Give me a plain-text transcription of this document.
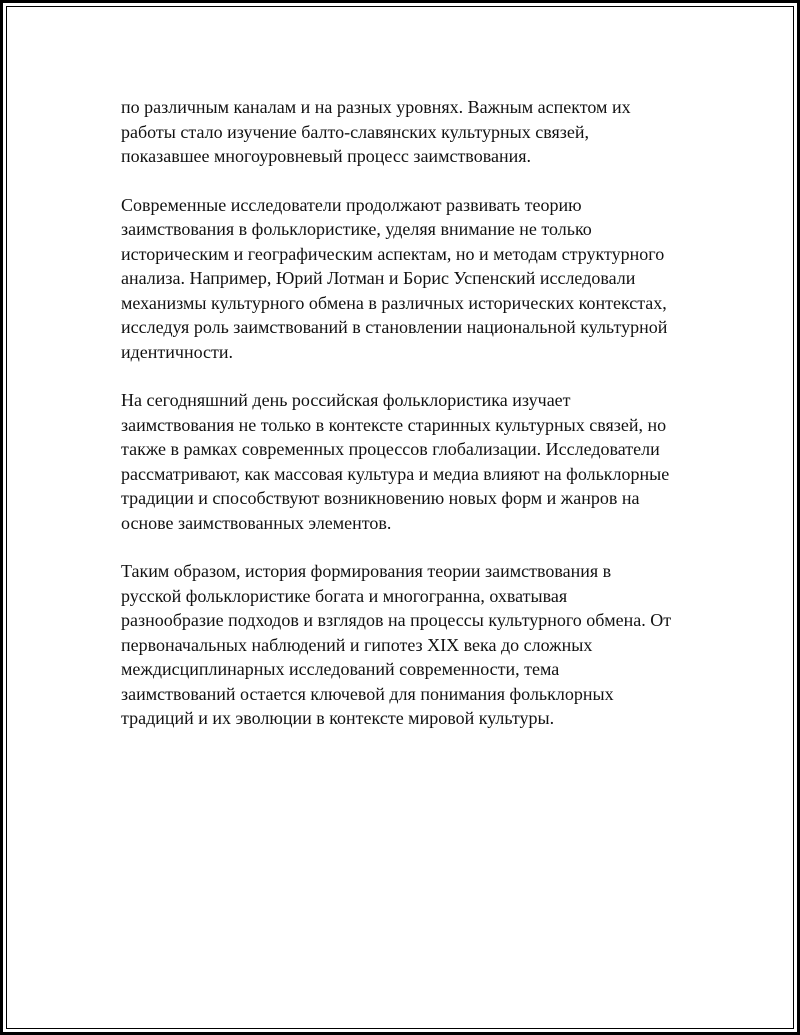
по различным каналам и на разных уровнях. Важным аспектом их
работы стало изучение балто-славянских культурных связей,
показавшее многоуровневый процесс заимствования.

Современные исследователи продолжают развивать теорию
заимствования в фольклористике, уделяя внимание не только
историческим и географическим аспектам, но и методам структурного
анализа. Например, Юрий Лотман и Борис Успенский исследовали
механизмы культурного обмена в различных исторических контекстах,
исследуя роль заимствований в становлении национальной культурной
идентичности.

На сегодняшний день российская фольклористика изучает
заимствования не только в контексте старинных культурных связей, но
также в рамках современных процессов глобализации. Исследователи
рассматривают, как массовая культура и медиа влияют на фольклорные
традиции и способствуют возникновению новых форм и жанров на
основе заимствованных элементов.

Таким образом, история формирования теории заимствования в
русской фольклористике богата и многогранна, охватывая
разнообразие подходов и взглядов на процессы культурного обмена. От
первоначальных наблюдений и гипотез XIX века до сложных
междисциплинарных исследований современности, тема
заимствований остается ключевой для понимания фольклорных
традиций и их эволюции в контексте мировой культуры.
